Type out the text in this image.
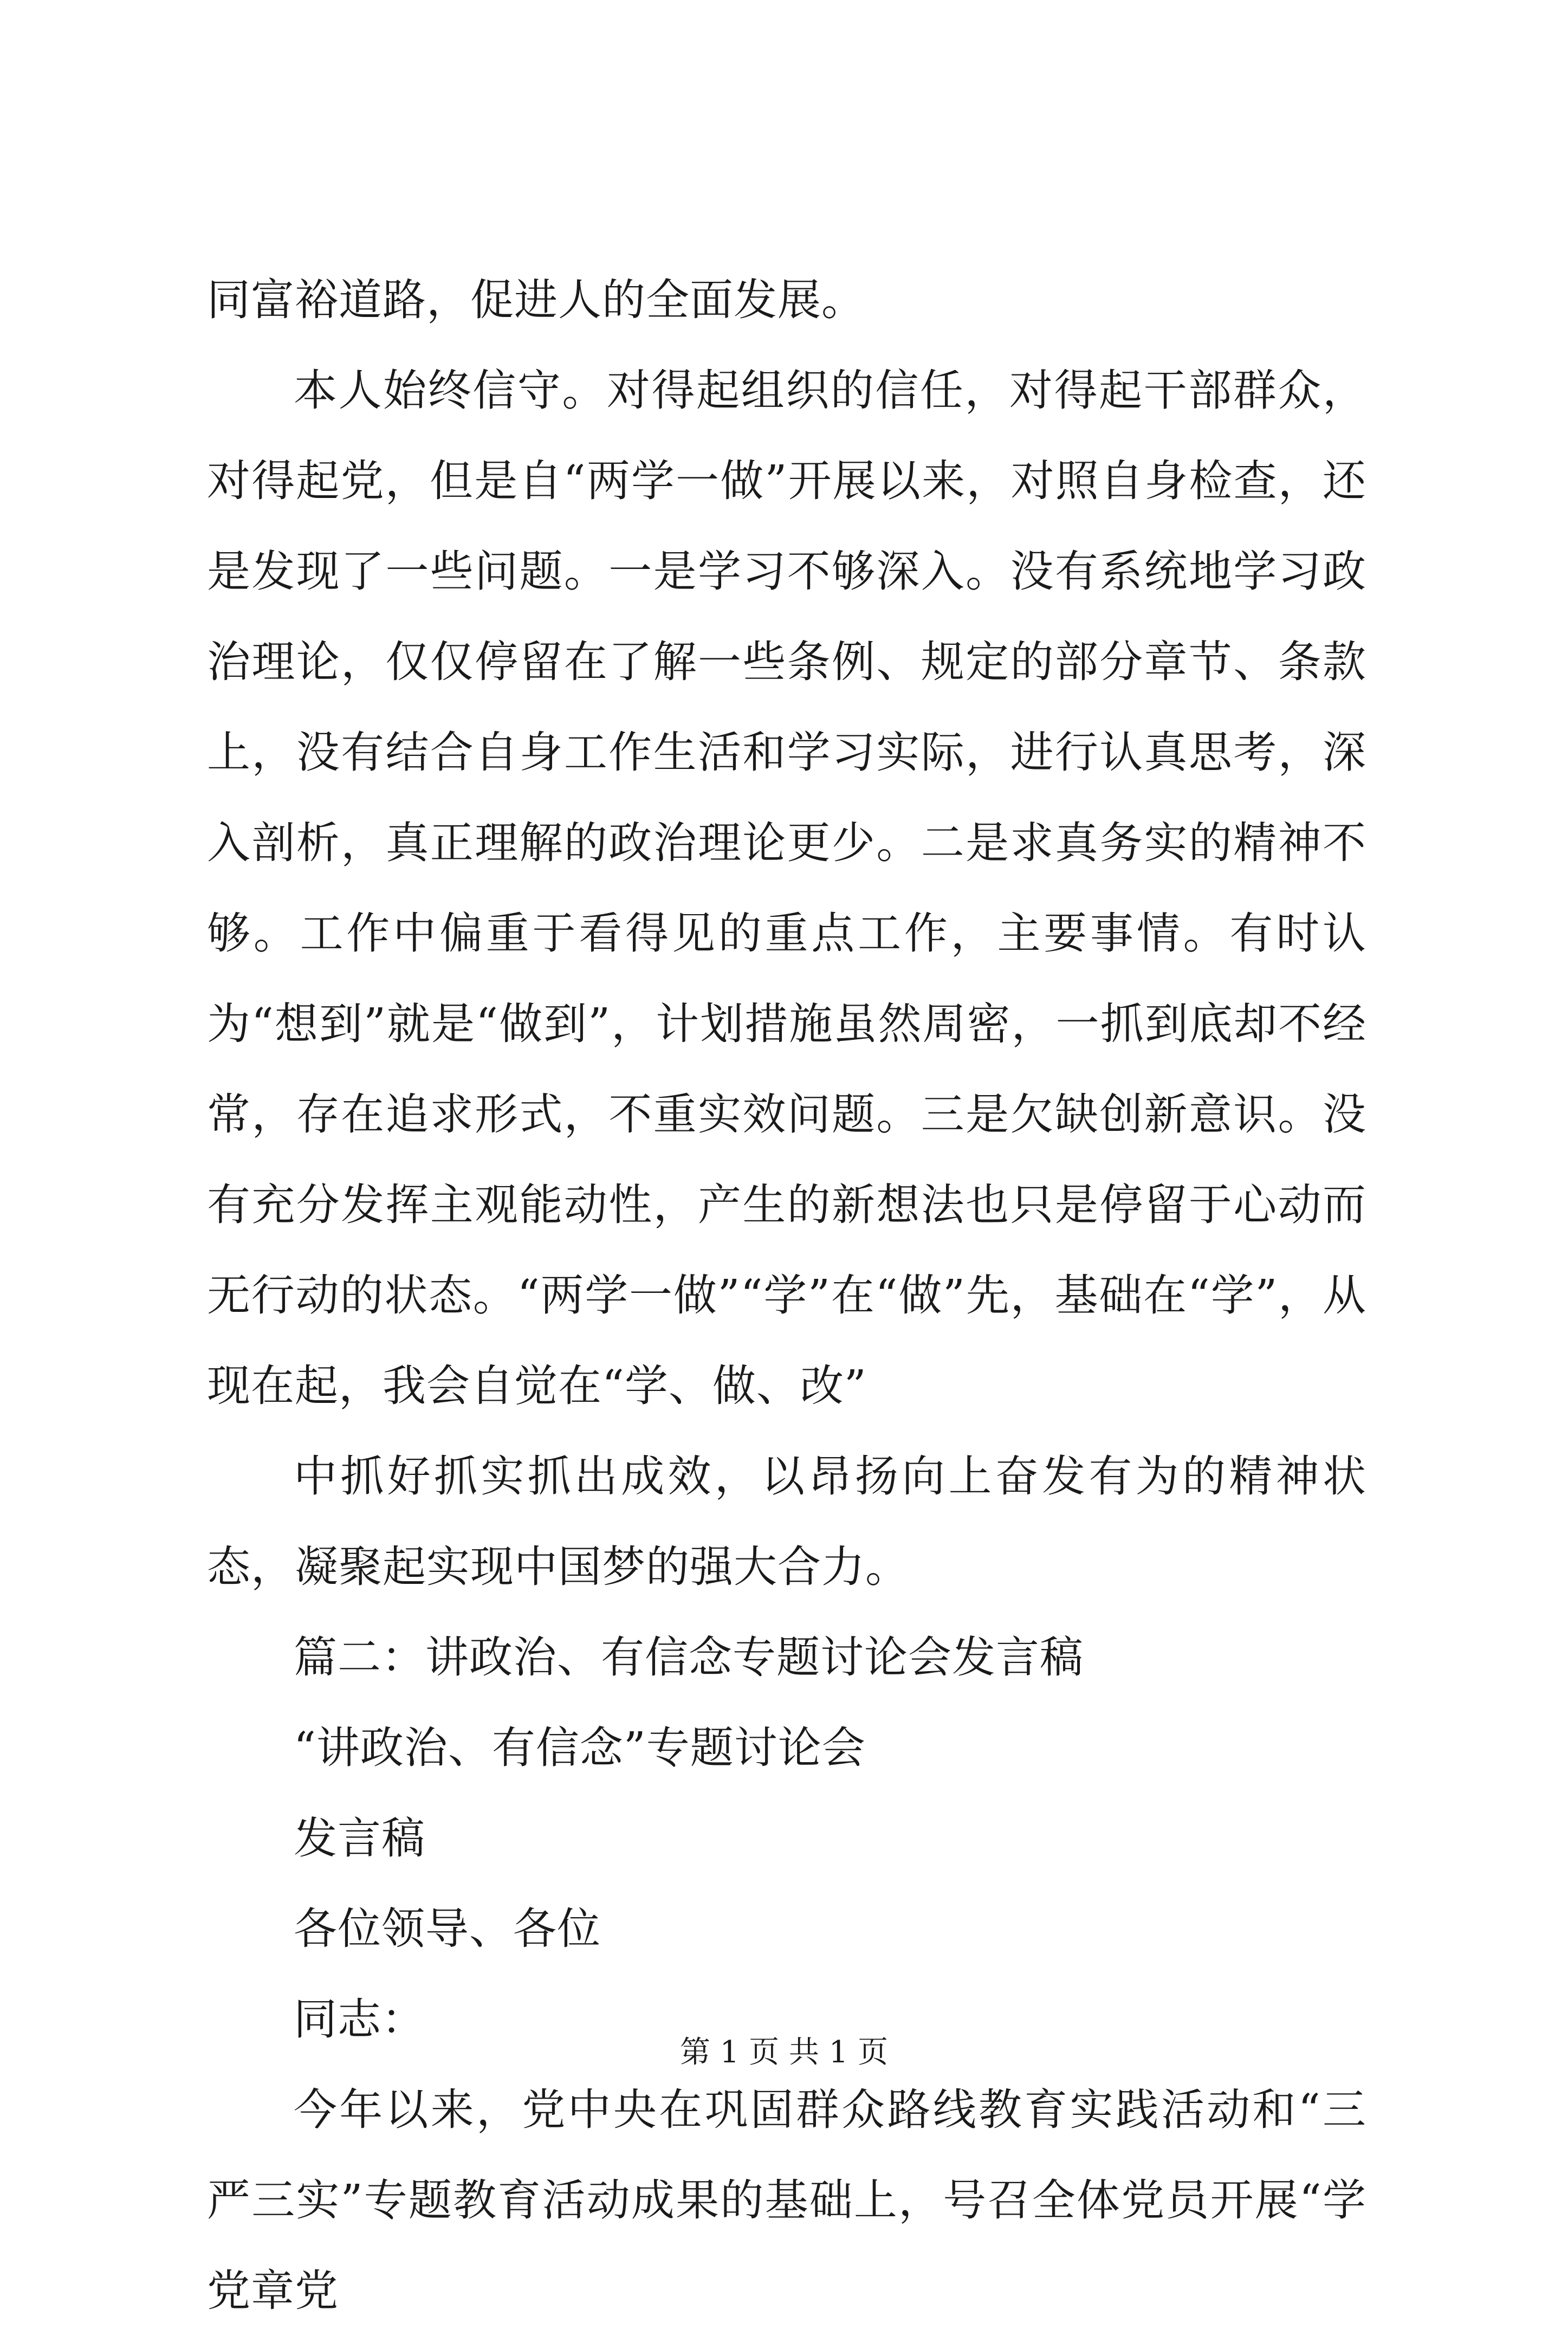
同富裕道路，促进人的全面发展。

本人始终信守。对得起组织的信任，对得起干部群众，对得起党，但是自“两学一做”开展以来，对照自身检查，还是发现了一些问题。一是学习不够深入。没有系统地学习政治理论，仅仅停留在了解一些条例、规定的部分章节、条款上，没有结合自身工作生活和学习实际，进行认真思考，深入剖析，真正理解的政治理论更少。二是求真务实的精神不够。工作中偏重于看得见的重点工作，主要事情。有时认为“想到”就是“做到”，计划措施虽然周密，一抓到底却不经常，存在追求形式，不重实效问题。三是欠缺创新意识。没有充分发挥主观能动性，产生的新想法也只是停留于心动而无行动的状态。“两学一做”“学”在“做”先，基础在“学”，从现在起，我会自觉在“学、做、改”

中抓好抓实抓出成效，以昂扬向上奋发有为的精神状态，凝聚起实现中国梦的强大合力。

篇二：讲政治、有信念专题讨论会发言稿

“讲政治、有信念”专题讨论会

发言稿

各位领导、各位

同志：

今年以来，党中央在巩固群众路线教育实践活动和“三严三实”专题教育活动成果的基础上，号召全体党员开展“学党章党

第 1 页 共 1 页
